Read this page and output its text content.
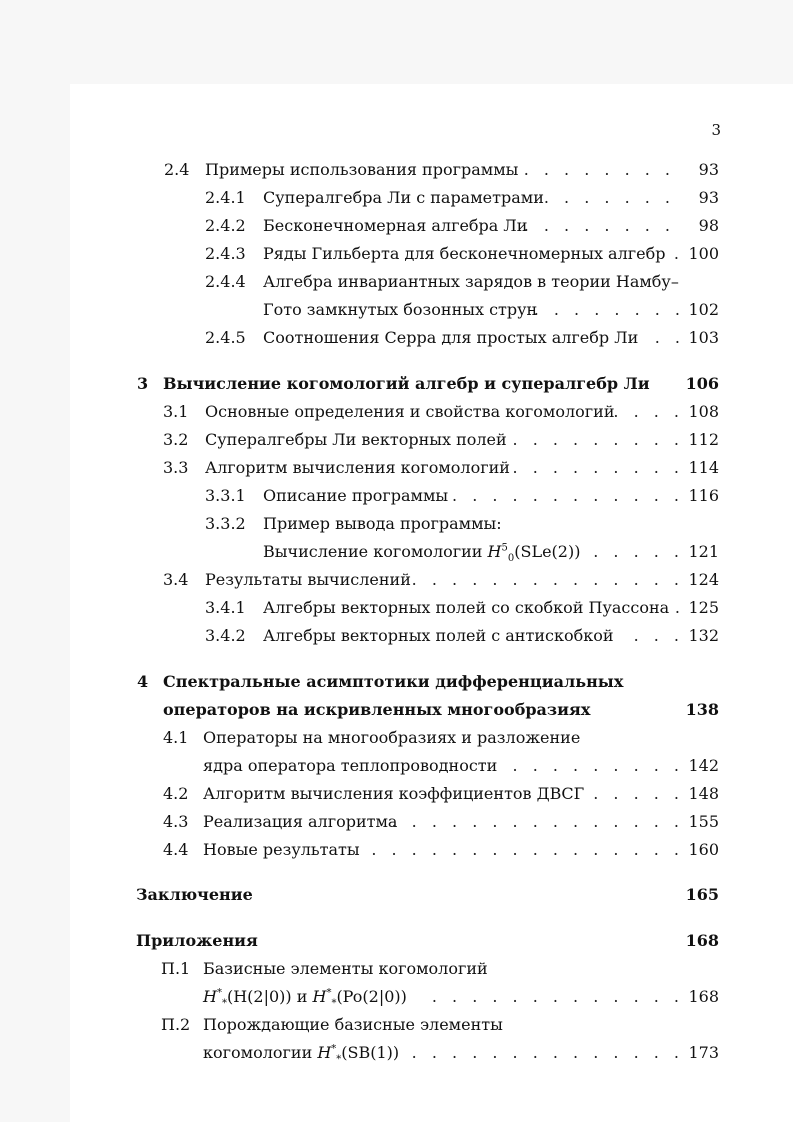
3
2.4 Примеры использования программы . . .	93
2.4.1 Супералгебра Ли с параметрами . . .	93
2.4.2 Бесконечномерная алгебра Ли . . .	98
2.4.3 Ряды Гильберта для бесконечномерных алгебр . . . 100
2.4.4 Алгебра инвариантных зарядов в теории Намбу–
Гото замкнутых бозонных струн . . .	102
2.4.5 Соотношения Серра для простых алгебр Ли . . .	103
3 Вычисление когомологий алгебр и супералгебр Ли 106
3.1 Основные определения и свойства когомологий . . .	108
3.2 Супералгебры Ли векторных полей . . .	112
3.3 Алгоритм вычисления когомологий . . .	114
3.3.1 Описание программы . . .	116
3.3.2 Пример вывода программы:
Вычисление когомологии $H^5_0(SLe(2))$ . . .	121
3.4 Результаты вычислений . . .	124
3.4.1 Алгебры векторных полей со скобкой Пуассона . . . 125
3.4.2 Алгебры векторных полей с антискобкой . . .	132
4 Спектральные асимптотики дифференциальных
операторов на искривленных многообразиях	138
4.1 Операторы на многообразиях и разложение
ядра оператора теплопроводности . . .	142
4.2 Алгоритм вычисления коэффициентов ДВСГ . . .	148
4.3 Реализация алгоритма . . .	155
4.4 Новые результаты . . .	160
Заключение	165
Приложения	168
П.1 Базисные элементы когомологий
$H^*_*(H(2|0))$ и $H^*_*(Po(2|0))$ . . .	168
П.2 Порождающие базисные элементы
когомологии $H^*_*(SB(1))$ . . .	173
